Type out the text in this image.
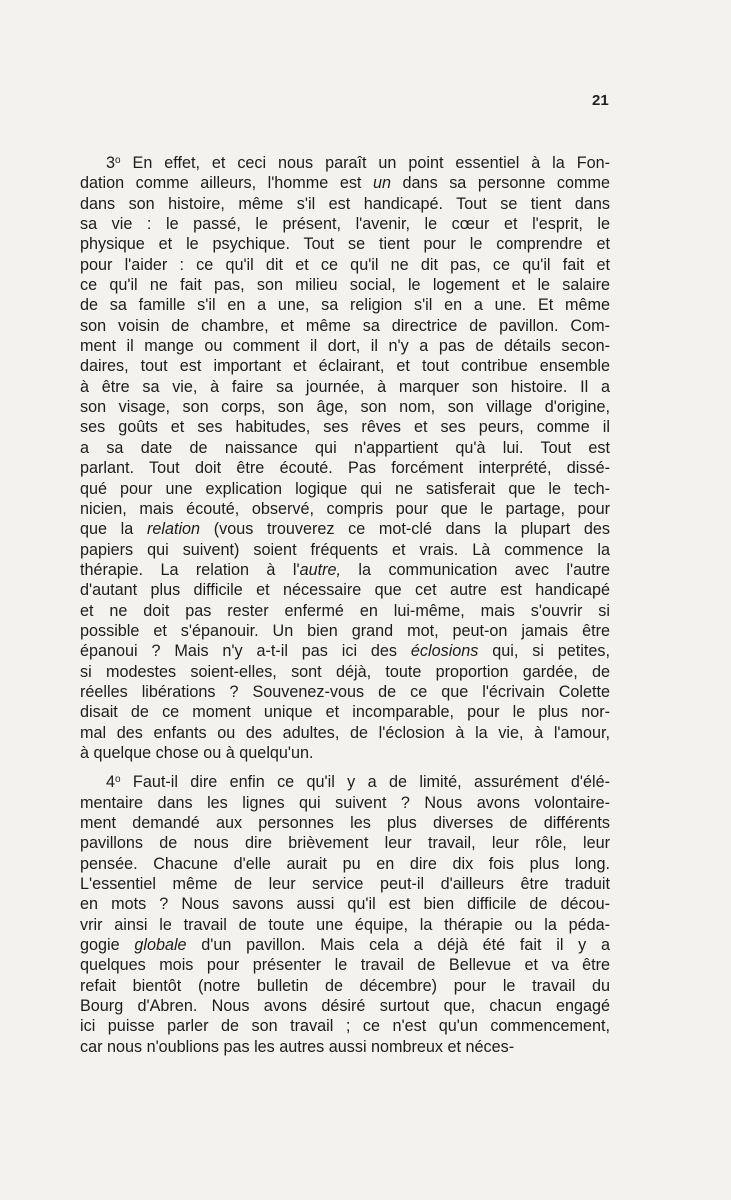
21
3$^o$ En effet, et ceci nous paraît un point essentiel à la Fon-
dation comme ailleurs, l'homme est un dans sa personne comme
dans son histoire, même s'il est handicapé. Tout se tient dans
sa vie : le passé, le présent, l'avenir, le cœur et l'esprit, le
physique et le psychique. Tout se tient pour le comprendre et
pour l'aider : ce qu'il dit et ce qu'il ne dit pas, ce qu'il fait et
ce qu'il ne fait pas, son milieu social, le logement et le salaire
de sa famille s'il en a une, sa religion s'il en a une. Et même
son voisin de chambre, et même sa directrice de pavillon. Com-
ment il mange ou comment il dort, il n'y a pas de détails secon-
daires, tout est important et éclairant, et tout contribue ensemble
à être sa vie, à faire sa journée, à marquer son histoire. Il a
son visage, son corps, son âge, son nom, son village d'origine,
ses goûts et ses habitudes, ses rêves et ses peurs, comme il
a sa date de naissance qui n'appartient qu'à lui. Tout est
parlant. Tout doit être écouté. Pas forcément interprété, dissé-
qué pour une explication logique qui ne satisferait que le tech-
nicien, mais écouté, observé, compris pour que le partage, pour
que la relation (vous trouverez ce mot-clé dans la plupart des
papiers qui suivent) soient fréquents et vrais. Là commence la
thérapie. La relation à l'autre, la communication avec l'autre
d'autant plus difficile et nécessaire que cet autre est handicapé
et ne doit pas rester enfermé en lui-même, mais s'ouvrir si
possible et s'épanouir. Un bien grand mot, peut-on jamais être
épanoui ? Mais n'y a-t-il pas ici des éclosions qui, si petites,
si modestes soient-elles, sont déjà, toute proportion gardée, de
réelles libérations ? Souvenez-vous de ce que l'écrivain Colette
disait de ce moment unique et incomparable, pour le plus nor-
mal des enfants ou des adultes, de l'éclosion à la vie, à l'amour,
à quelque chose ou à quelqu'un.
4$^o$ Faut-il dire enfin ce qu'il y a de limité, assurément d'élé-
mentaire dans les lignes qui suivent ? Nous avons volontaire-
ment demandé aux personnes les plus diverses de différents
pavillons de nous dire brièvement leur travail, leur rôle, leur
pensée. Chacune d'elle aurait pu en dire dix fois plus long.
L'essentiel même de leur service peut-il d'ailleurs être traduit
en mots ? Nous savons aussi qu'il est bien difficile de décou-
vrir ainsi le travail de toute une équipe, la thérapie ou la péda-
gogie globale d'un pavillon. Mais cela a déjà été fait il y a
quelques mois pour présenter le travail de Bellevue et va être
refait bientôt (notre bulletin de décembre) pour le travail du
Bourg d'Abren. Nous avons désiré surtout que, chacun engagé
ici puisse parler de son travail ; ce n'est qu'un commencement,
car nous n'oublions pas les autres aussi nombreux et néces-
